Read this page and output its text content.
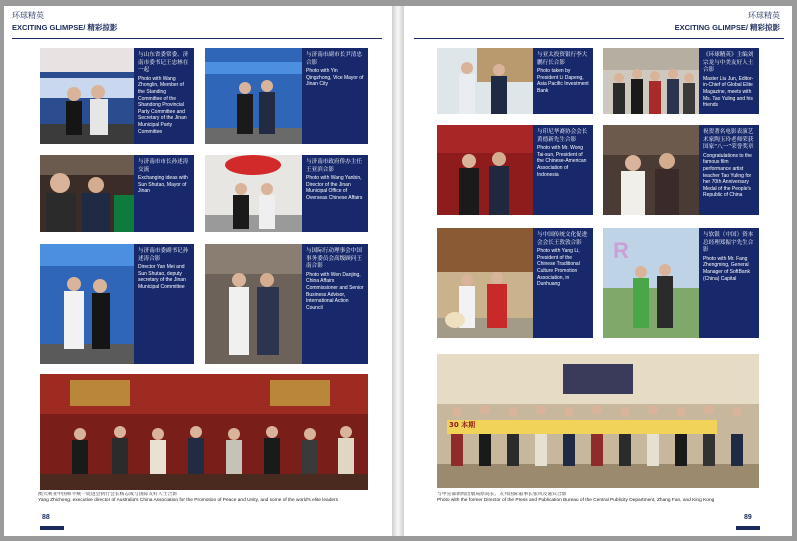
环球精英
EXCITING GLIMPSE/ 精彩掠影
与山东省委常委、济南市委书记王忠林在一起
Photo with Wang Zhonglin, Member of the Standing Committee of the Shandong Provincial Party Committee and Secretary of the Jinan Municipal Party Committee
与济南市副市长尹清忠合影
Photo with Yin Qingzhong, Vice Mayor of Jinan City
与济南市市长孙述涛交流
Exchanging ideas with Sun Shutao, Mayor of Jinan
与济南市政府侨办主任王亚滨合影
Photo with Wang Yanbin, Director of the Jinan Municipal Office of Overseas Chinese Affairs
与济南市委副书记孙述涛合影
Director Yan Mei and Sun Shutao, deputy secretary of the Jinan Municipal Committee
与国际行动理事会中国事务委员会高级顾问王南合影
Photo with Wen Danjing, China Affairs Commissioner and Senior Business Advisor, International Action Council
澳大利亚中国和平统一促进会执行会长杨志成与国际友好人士合影
Yang Zhicheng, executive director of Australia's China Association for the Promotion of Peace and Unity, and some of the world's elite leaders
88
环球精英
EXCITING GLIMPSE/ 精彩掠影
与亚太投资银行李大鹏行长合影
Photo taken by President Li Dapeng, Asia Pacific Investment Bank
《环球精英》主编刘宗龙与中美友好人士合影
Master Liu Jun, Editor-in-Chief of Global Elite Magazine, meets with Ms. Tao Yuling and his friends
与印尼华裔协会会长黄德新先生合影
Photo with Mr. Wong Tai-sun, President of the Chinese-American Association of Indonesia
祝贺著名电影表演艺术家陶玉玲老师荣获国家“八一”荣誉奖章
Congratulations to the famous film performance artist teacher Tao Yuling for her 70th Anniversary Medal of the People's Republic of China
与中国传统文化促进会会长王敦敦合影
Photo with Yang Li, President of the Chinese Traditional Culture Promotion Association, in Dunhuang
R
与软银（中国）资本总经理郑振宇先生合影
Photo with Mr. Fang Zhengming, General Manager of SoftBank (China) Capital
30 本期
与中宣部新闻出版局原局长、友邦国际董事长张风及嘉宾合影
Photo with the former Director of the Press and Publication Bureau of the Central Publicity Department, Zhang Fan, and King Kong
89
